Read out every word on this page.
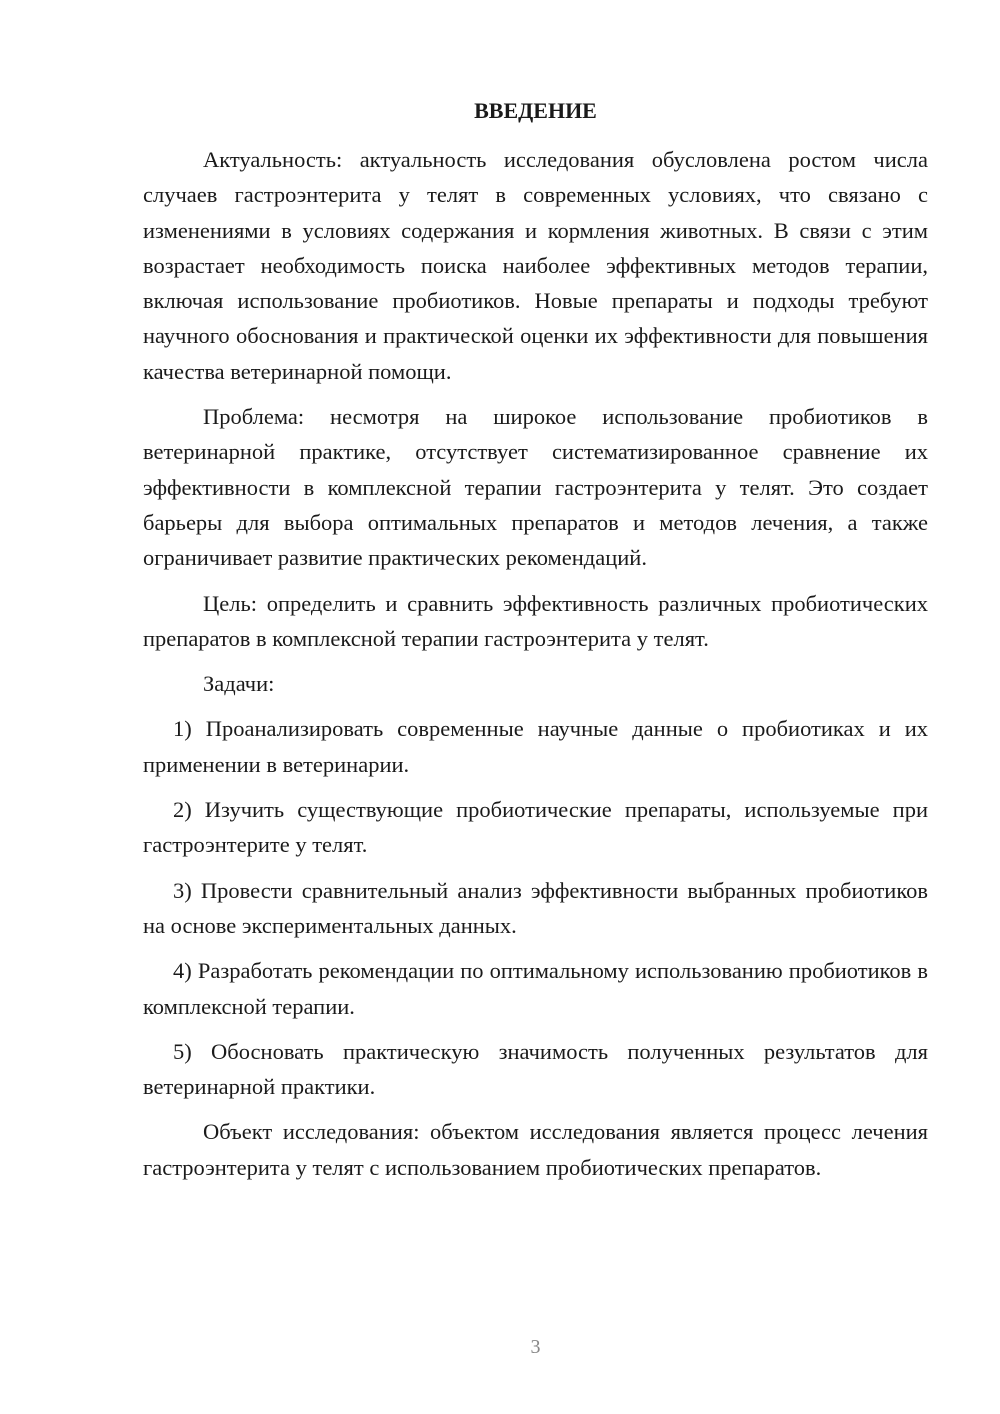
ВВЕДЕНИЕ

Актуальность: актуальность исследования обусловлена ростом числа случаев гастроэнтерита у телят в современных условиях, что связано с изменениями в условиях содержания и кормления животных. В связи с этим возрастает необходимость поиска наиболее эффективных методов терапии, включая использование пробиотиков. Новые препараты и подходы требуют научного обоснования и практической оценки их эффективности для повышения качества ветеринарной помощи.

Проблема: несмотря на широкое использование пробиотиков в ветеринарной практике, отсутствует систематизированное сравнение их эффективности в комплексной терапии гастроэнтерита у телят. Это создает барьеры для выбора оптимальных препаратов и методов лечения, а также ограничивает развитие практических рекомендаций.

Цель: определить и сравнить эффективность различных пробиотических препаратов в комплексной терапии гастроэнтерита у телят.

Задачи:

1) Проанализировать современные научные данные о пробиотиках и их применении в ветеринарии.

2) Изучить существующие пробиотические препараты, используемые при гастроэнтерите у телят.

3) Провести сравнительный анализ эффективности выбранных пробиотиков на основе экспериментальных данных.

4) Разработать рекомендации по оптимальному использованию пробиотиков в комплексной терапии.

5) Обосновать практическую значимость полученных результатов для ветеринарной практики.

Объект исследования: объектом исследования является процесс лечения гастроэнтерита у телят с использованием пробиотических препаратов.

3
